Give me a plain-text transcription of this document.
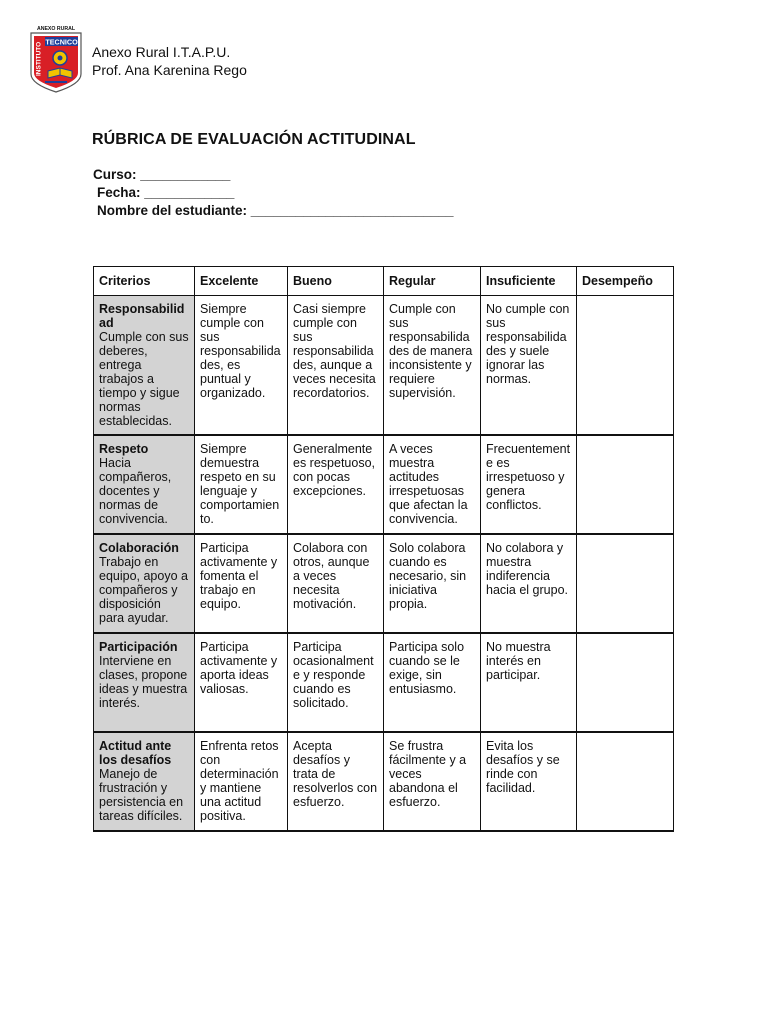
ANEXO RURAL
TECNICO
INSTITUTO	Anexo Rural I.T.A.P.U.
Prof. Ana Karenina Rego
RÚBRICA DE EVALUACIÓN ACTITUDINAL
Curso: ____________
Fecha: ____________
Nombre del estudiante: ___________________________
Criterios	Excelente	Bueno	Regular	Insuficiente	Desempeño

Responsabilidad
Cumple con sus deberes, entrega trabajos a tiempo y sigue normas establecidas.	Siempre cumple con sus responsabilidades, es puntual y organizado.	Casi siempre cumple con sus responsabilidades, aunque a veces necesita recordatorios.	Cumple con sus responsabilidades de manera inconsistente y requiere supervisión.	No cumple con sus responsabilidades y suele ignorar las normas.	

Respeto
Hacia compañeros, docentes y normas de convivencia.	Siempre demuestra respeto en su lenguaje y comportamiento.	Generalmente es respetuoso, con pocas excepciones.	A veces muestra actitudes irrespetuosas que afectan la convivencia.	Frecuentemente es irrespetuoso y genera conflictos.	

Colaboración
Trabajo en equipo, apoyo a compañeros y disposición para ayudar.	Participa activamente y fomenta el trabajo en equipo.	Colabora con otros, aunque a veces necesita motivación.	Solo colabora cuando es necesario, sin iniciativa propia.	No colabora y muestra indiferencia hacia el grupo.	

Participación
Interviene en clases, propone ideas y muestra interés.	Participa activamente y aporta ideas valiosas.	Participa ocasionalmente y responde cuando es solicitado.	Participa solo cuando se le exige, sin entusiasmo.	No muestra interés en participar.	

Actitud ante los desafíos
Manejo de frustración y persistencia en tareas difíciles.	Enfrenta retos con determinación y mantiene una actitud positiva.	Acepta desafíos y trata de resolverlos con esfuerzo.	Se frustra fácilmente y a veces abandona el esfuerzo.	Evita los desafíos y se rinde con facilidad.	
